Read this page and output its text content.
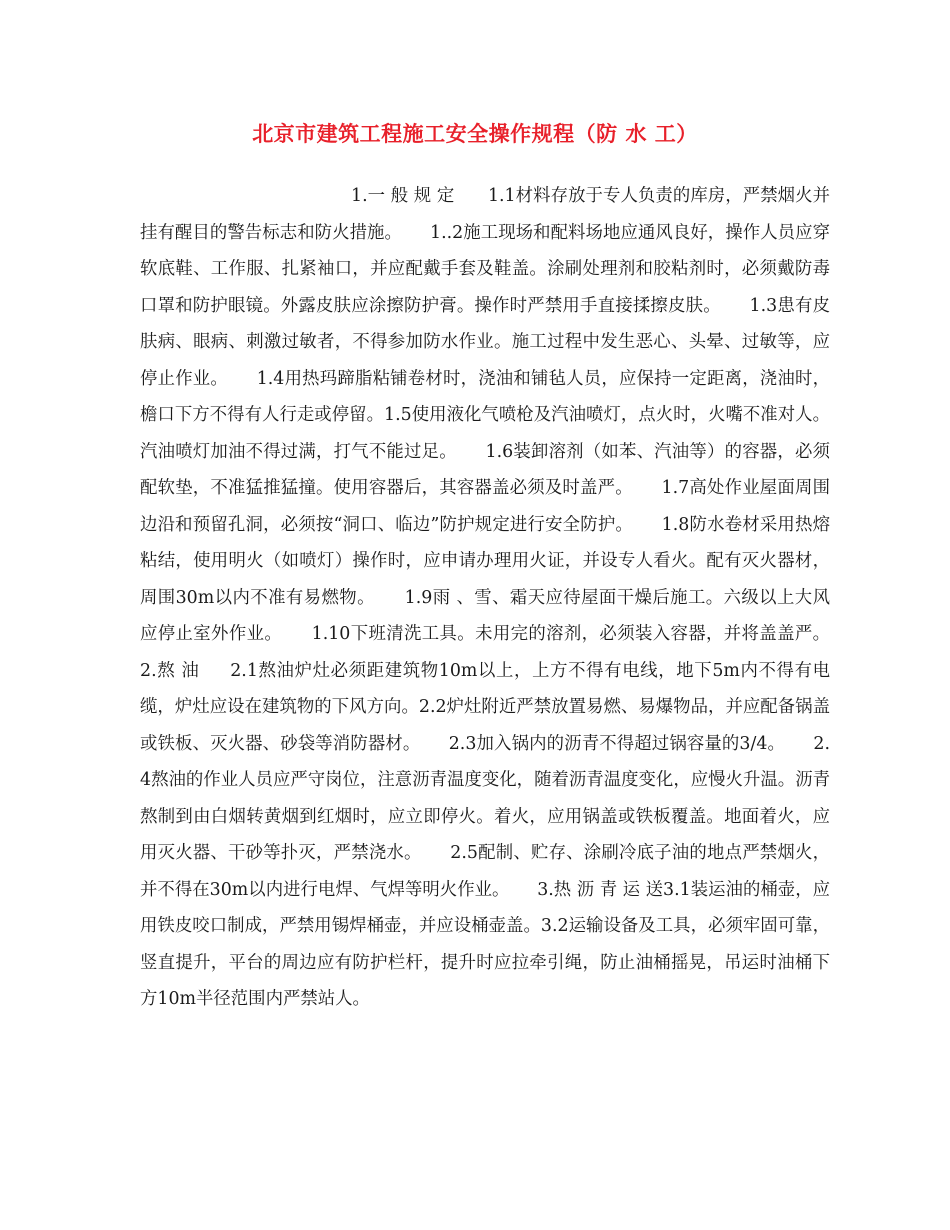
北京市建筑工程施工安全操作规程（防 水 工）

1.一 般 规 定      1.1材料存放于专人负责的库房，严禁烟火并挂有醒目的警告标志和防火措施。     1..2施工现场和配料场地应通风良好，操作人员应穿软底鞋、工作服、扎紧袖口，并应配戴手套及鞋盖。涂刷处理剂和胶粘剂时，必须戴防毒口罩和防护眼镜。外露皮肤应涂擦防护膏。操作时严禁用手直接揉擦皮肤。     1.3患有皮肤病、眼病、刺激过敏者，不得参加防水作业。施工过程中发生恶心、头晕、过敏等，应停止作业。     1.4用热玛蹄脂粘铺卷材时，浇油和铺毡人员，应保持一定距离，浇油时，檐口下方不得有人行走或停留。1.5使用液化气喷枪及汽油喷灯，点火时，火嘴不准对人。汽油喷灯加油不得过满，打气不能过足。     1.6装卸溶剂（如苯、汽油等）的容器，必须配软垫，不准猛推猛撞。使用容器后，其容器盖必须及时盖严。     1.7高处作业屋面周围边沿和预留孔洞，必须按“洞口、临边”防护规定进行安全防护。     1.8防水卷材采用热熔粘结，使用明火（如喷灯）操作时，应申请办理用火证，并设专人看火。配有灭火器材，周围30m以内不准有易燃物。     1.9雨 、雪、霜天应待屋面干燥后施工。六级以上大风应停止室外作业。     1.10下班清洗工具。未用完的溶剂，必须装入容器，并将盖盖严。     2.熬 油     2.1熬油炉灶必须距建筑物10m以上，上方不得有电线，地下5m内不得有电缆，炉灶应设在建筑物的下风方向。2.2炉灶附近严禁放置易燃、易爆物品，并应配备锅盖或铁板、灭火器、砂袋等消防器材。     2.3加入锅内的沥青不得超过锅容量的3/4。     2.4熬油的作业人员应严守岗位，注意沥青温度变化，随着沥青温度变化，应慢火升温。沥青熬制到由白烟转黄烟到红烟时，应立即停火。着火，应用锅盖或铁板覆盖。地面着火，应用灭火器、干砂等扑灭，严禁浇水。     2.5配制、贮存、涂刷冷底子油的地点严禁烟火，并不得在30m以内进行电焊、气焊等明火作业。     3.热 沥 青 运 送3.1装运油的桶壶，应用铁皮咬口制成，严禁用锡焊桶壶，并应设桶壶盖。3.2运输设备及工具，必须牢固可靠，竖直提升，平台的周边应有防护栏杆，提升时应拉牵引绳，防止油桶摇晃，吊运时油桶下方10m半径范围内严禁站人。
